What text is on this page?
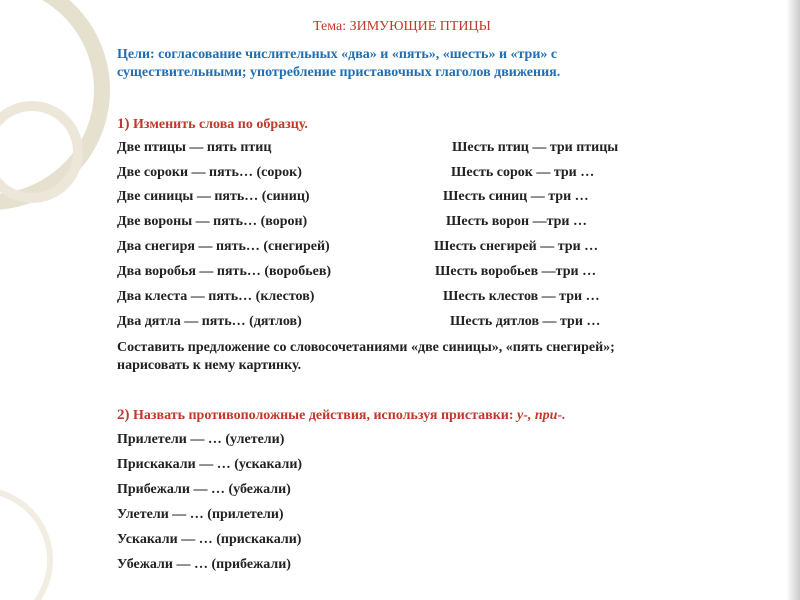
Тема: ЗИМУЮЩИЕ ПТИЦЫ
Цели: согласование числительных «два» и «пять», «шесть» и «три» с существительными; употребление приставочных глаголов движения.
1) Изменить слова по образцу.
Две птицы — пять птиц	Шесть птиц — три птицы
Две сороки — пять… (сорок)	Шесть сорок — три …
Две синицы — пять… (синиц)	Шесть синиц — три …
Две вороны — пять… (ворон)	Шесть ворон —три …
Два снегиря — пять… (снегирей)	Шесть снегирей — три …
Два воробья — пять… (воробьев)	Шесть воробьев —три …
Два клеста — пять… (клестов)	Шесть клестов — три …
Два дятла — пять… (дятлов)	Шесть дятлов — три …
Составить предложение со словосочетаниями «две синицы», «пять снегирей»; нарисовать к нему картинку.
2) Назвать противоположные действия, используя приставки: у-, при-.
Прилетели — … (улетели)
Прискакали — … (ускакали)
Прибежали — … (убежали)
Улетели — … (прилетели)
Ускакали — … (прискакали)
Убежали — … (прибежали)
